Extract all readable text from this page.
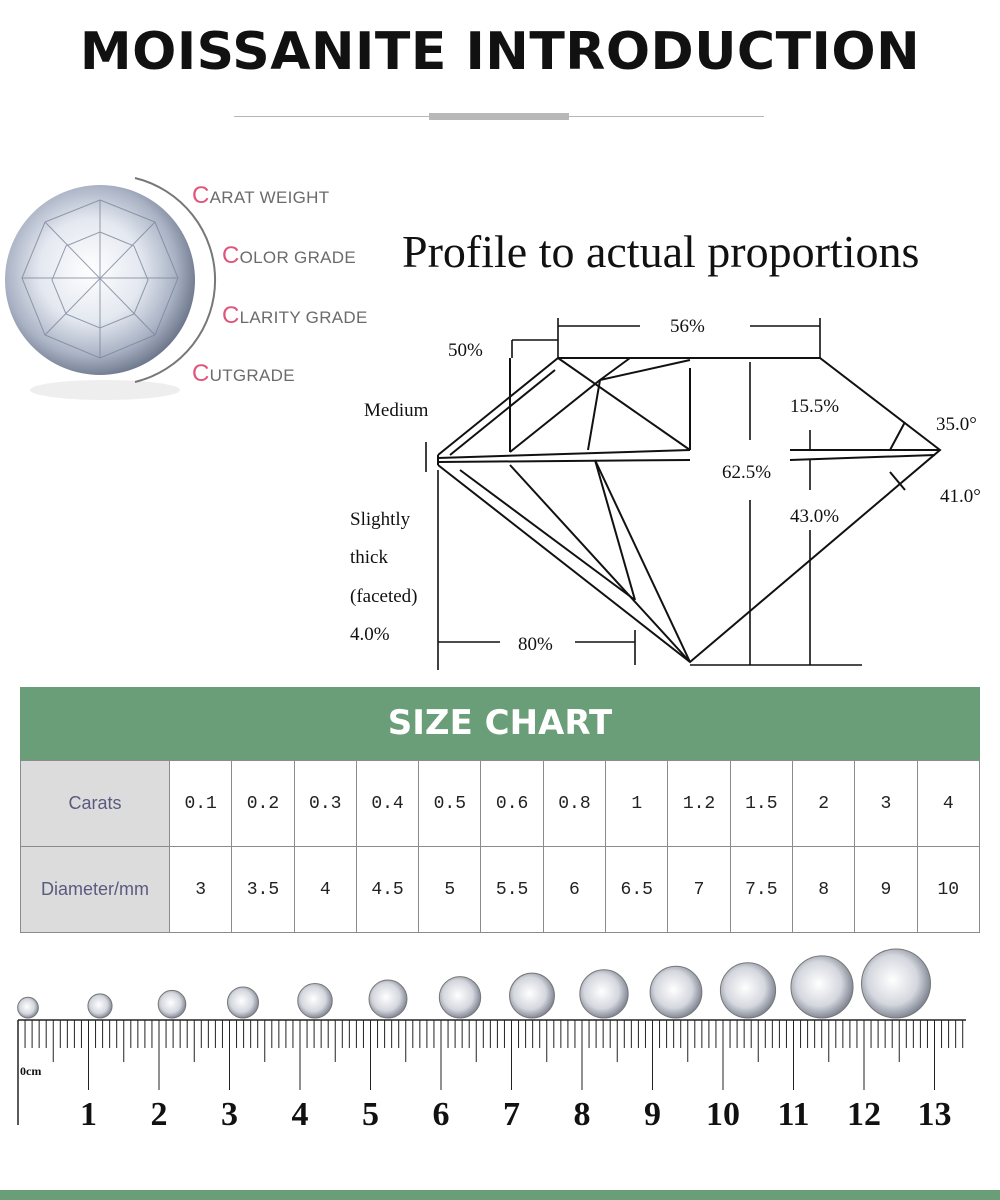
MOISSANITE INTRODUCTION
CARAT WEIGHT
COLOR GRADE
CLARITY GRADE
CUTGRADE
Profile to actual proportions
56%
50%
Medium	15.5%
35.0°
62.5%
41.0°
43.0%
Slightly
thick
(faceted)
4.0%	80%
SIZE CHART
Carats	0.1	0.2	0.3	0.4	0.5	0.6	0.8	1	1.2	1.5	2	3	4
Diameter/mm	3	3.5	4	4.5	5	5.5	6	6.5	7	7.5	8	9	10
0cm
1 2 3 4 5 6 7 8 9 10 11 12 13
